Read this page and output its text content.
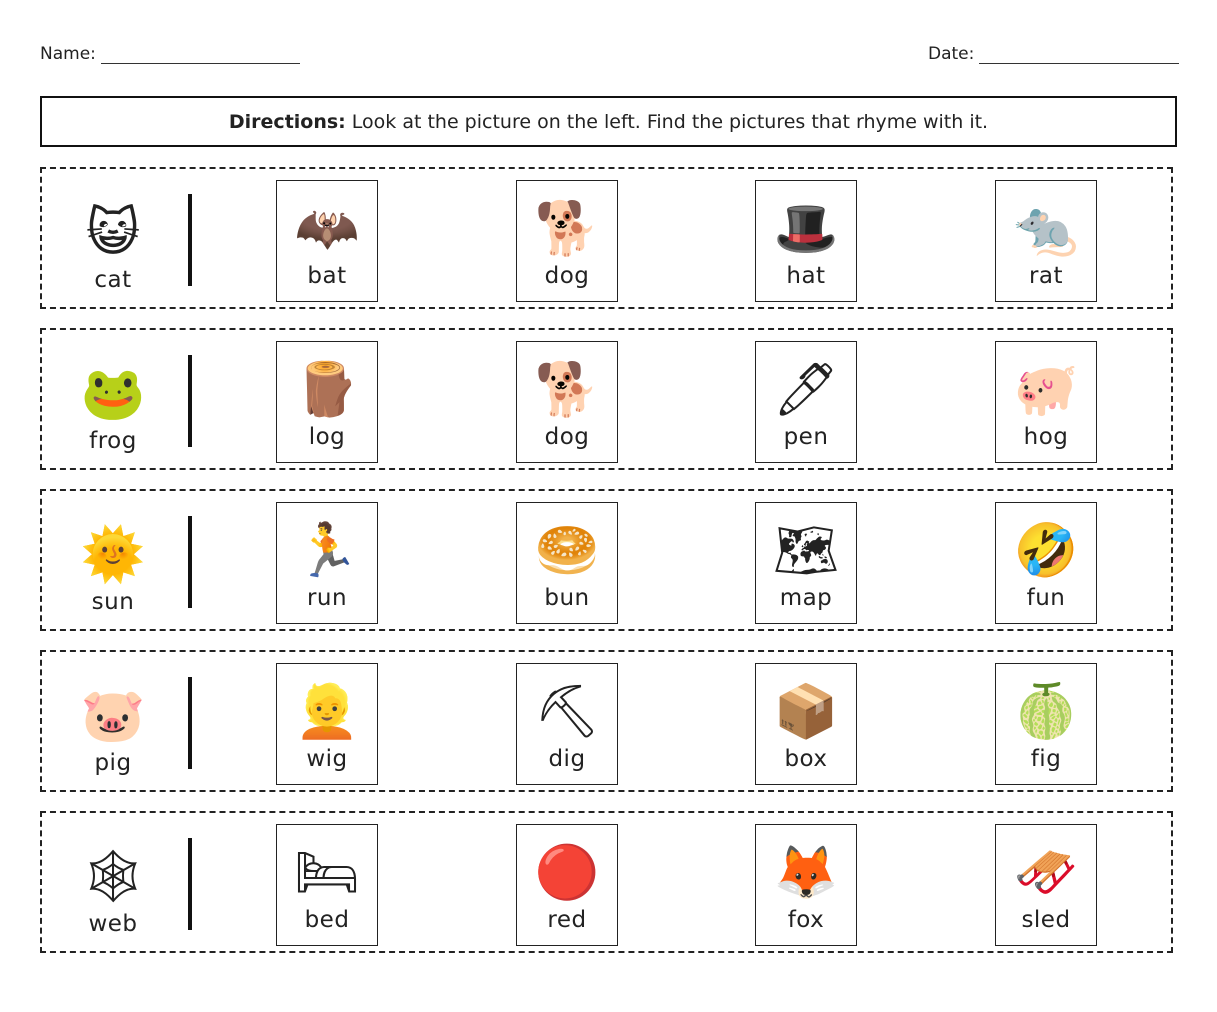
Name:	Date:
Directions: Look at the picture on the left. Find the pictures that rhyme with it.
😺
cat
🦇
bat
🐕
dog
🎩
hat
🐀
rat
🐸
frog
🪵
log
🐕
dog
🖊
pen
🐖
hog
🌞
sun
🏃
run
🥯
bun
🗺
map
🤣
fun
🐷
pig
👱
wig
⛏
dig
📦
box
🍈
fig
🕸
web
🛏
bed
🔴
red
🦊
fox
🛷
sled
